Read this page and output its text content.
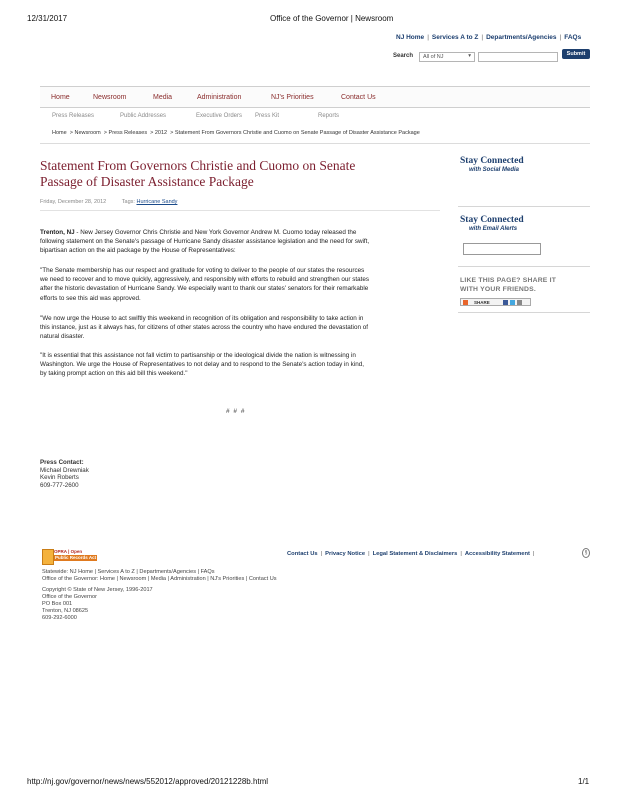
12/31/2017	Office of the Governor | Newsroom
NJ Home | Services A to Z | Departments/Agencies | FAQs
Search	All of NJ	▾	Submit
Home	Newsroom	Media	Administration	NJ's Priorities	Contact Us
Press Releases	Public Addresses	Executive Orders Press Kit	Reports
Home  > Newsroom  > Press Releases  > 2012  > Statement From Governors Christie and Cuomo on Senate Passage of Disaster Assistance Package
Statement From Governors Christie and Cuomo on Senate
Passage of Disaster Assistance Package
Friday, December 28, 2012	Tags: Hurricane Sandy
Trenton, NJ - New Jersey Governor Chris Christie and New York Governor Andrew M. Cuomo today released the
following statement on the Senate's passage of Hurricane Sandy disaster assistance legislation and the need for swift,
bipartisan action on the aid package by the House of Representatives:
"The Senate membership has our respect and gratitude for voting to deliver to the people of our states the resources
we need to recover and to move quickly, aggressively, and responsibly with efforts to rebuild and strengthen our states
after the historic devastation of Hurricane Sandy. We especially want to thank our states' senators for their remarkable
efforts to see this aid was approved.
"We now urge the House to act swiftly this weekend in recognition of its obligation and responsibility to take action in
this instance, just as it always has, for citizens of other states across the country who have endured the devastation of
natural disaster.
"It is essential that this assistance not fall victim to partisanship or the ideological divide the nation is witnessing in
Washington. We urge the House of Representatives to not delay and to respond to the Senate's action today in kind,
by taking prompt action on this aid bill this weekend."
# # #
Press Contact:
Michael Drewniak
Kevin Roberts
609-777-2600
Stay Connected
with Social Media
Stay Connected
with Email Alerts
LIKE THIS PAGE? SHARE IT
WITH YOUR FRIENDS.
SHARE
OPRA | Open
Public Records Act
Contact Us | Privacy Notice | Legal Statement & Disclaimers | Accessibility Statement |	§
Statewide: NJ Home | Services A to Z | Departments/Agencies | FAQs
Office of the Governor: Home | Newsroom | Media | Administration | NJ's Priorities | Contact Us
Copyright © State of New Jersey, 1996-2017
Office of the Governor
PO Box 001
Trenton, NJ 08625
609-292-6000
http://nj.gov/governor/news/news/552012/approved/20121228b.html	1/1
